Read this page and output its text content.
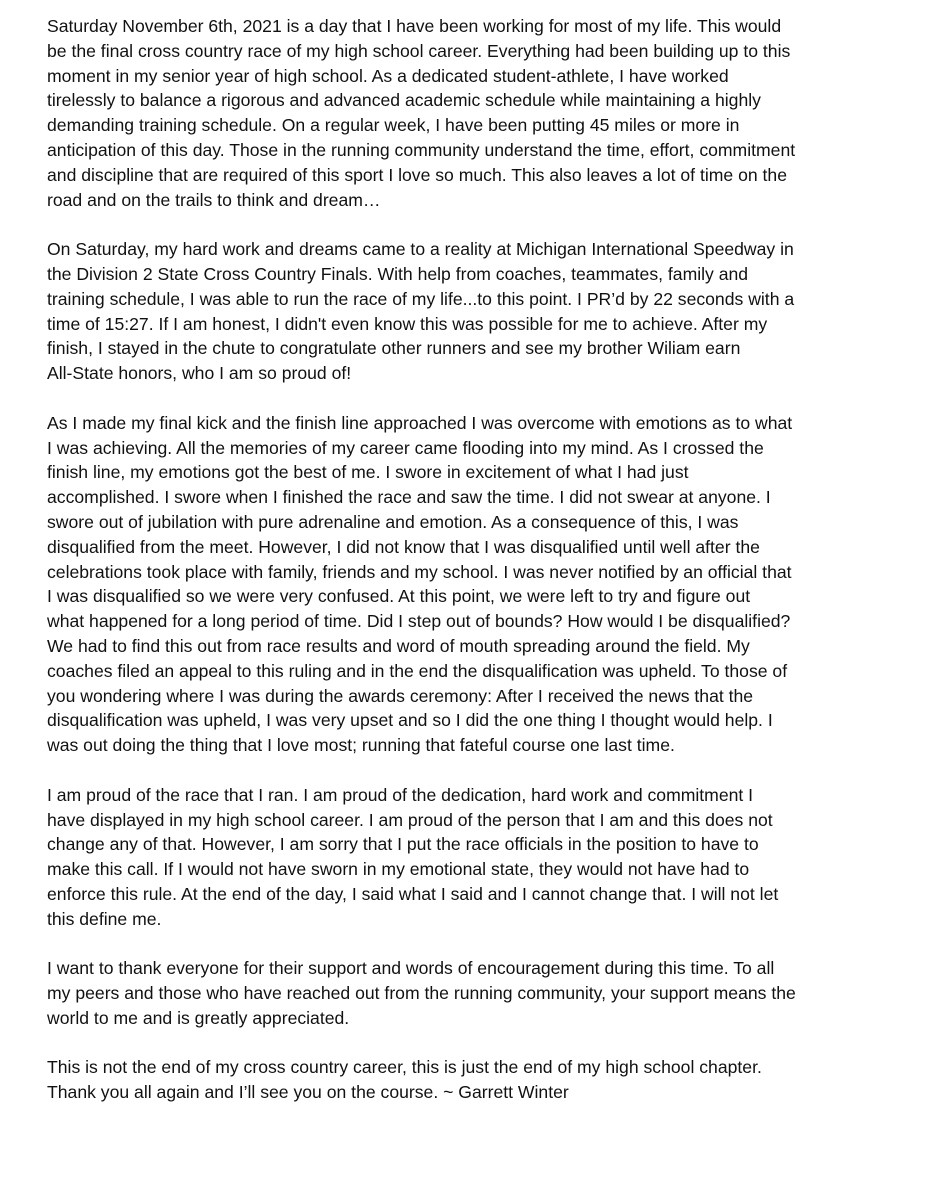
Saturday November 6th, 2021 is a day that I have been working for most of my life. This would
be the final cross country race of my high school career. Everything had been building up to this
moment in my senior year of high school. As a dedicated student-athlete, I have worked
tirelessly to balance a rigorous and advanced academic schedule while maintaining a highly
demanding training schedule. On a regular week, I have been putting 45 miles or more in
anticipation of this day. Those in the running community understand the time, effort, commitment
and discipline that are required of this sport I love so much. This also leaves a lot of time on the
road and on the trails to think and dream…

On Saturday, my hard work and dreams came to a reality at Michigan International Speedway in
the Division 2 State Cross Country Finals. With help from coaches, teammates, family and
training schedule, I was able to run the race of my life...to this point. I PR’d by 22 seconds with a
time of 15:27. If I am honest, I didn't even know this was possible for me to achieve. After my
finish, I stayed in the chute to congratulate other runners and see my brother Wiliam earn
All-State honors, who I am so proud of!

As I made my final kick and the finish line approached I was overcome with emotions as to what
I was achieving. All the memories of my career came flooding into my mind. As I crossed the
finish line, my emotions got the best of me. I swore in excitement of what I had just
accomplished. I swore when I finished the race and saw the time. I did not swear at anyone. I
swore out of jubilation with pure adrenaline and emotion. As a consequence of this, I was
disqualified from the meet. However, I did not know that I was disqualified until well after the
celebrations took place with family, friends and my school. I was never notified by an official that
I was disqualified so we were very confused. At this point, we were left to try and figure out
what happened for a long period of time. Did I step out of bounds? How would I be disqualified?
We had to find this out from race results and word of mouth spreading around the field. My
coaches filed an appeal to this ruling and in the end the disqualification was upheld. To those of
you wondering where I was during the awards ceremony: After I received the news that the
disqualification was upheld, I was very upset and so I did the one thing I thought would help. I
was out doing the thing that I love most; running that fateful course one last time.

I am proud of the race that I ran. I am proud of the dedication, hard work and commitment I
have displayed in my high school career. I am proud of the person that I am and this does not
change any of that. However, I am sorry that I put the race officials in the position to have to
make this call. If I would not have sworn in my emotional state, they would not have had to
enforce this rule. At the end of the day, I said what I said and I cannot change that. I will not let
this define me.

I want to thank everyone for their support and words of encouragement during this time. To all
my peers and those who have reached out from the running community, your support means the
world to me and is greatly appreciated.

This is not the end of my cross country career, this is just the end of my high school chapter.
Thank you all again and I’ll see you on the course. ~ Garrett Winter
